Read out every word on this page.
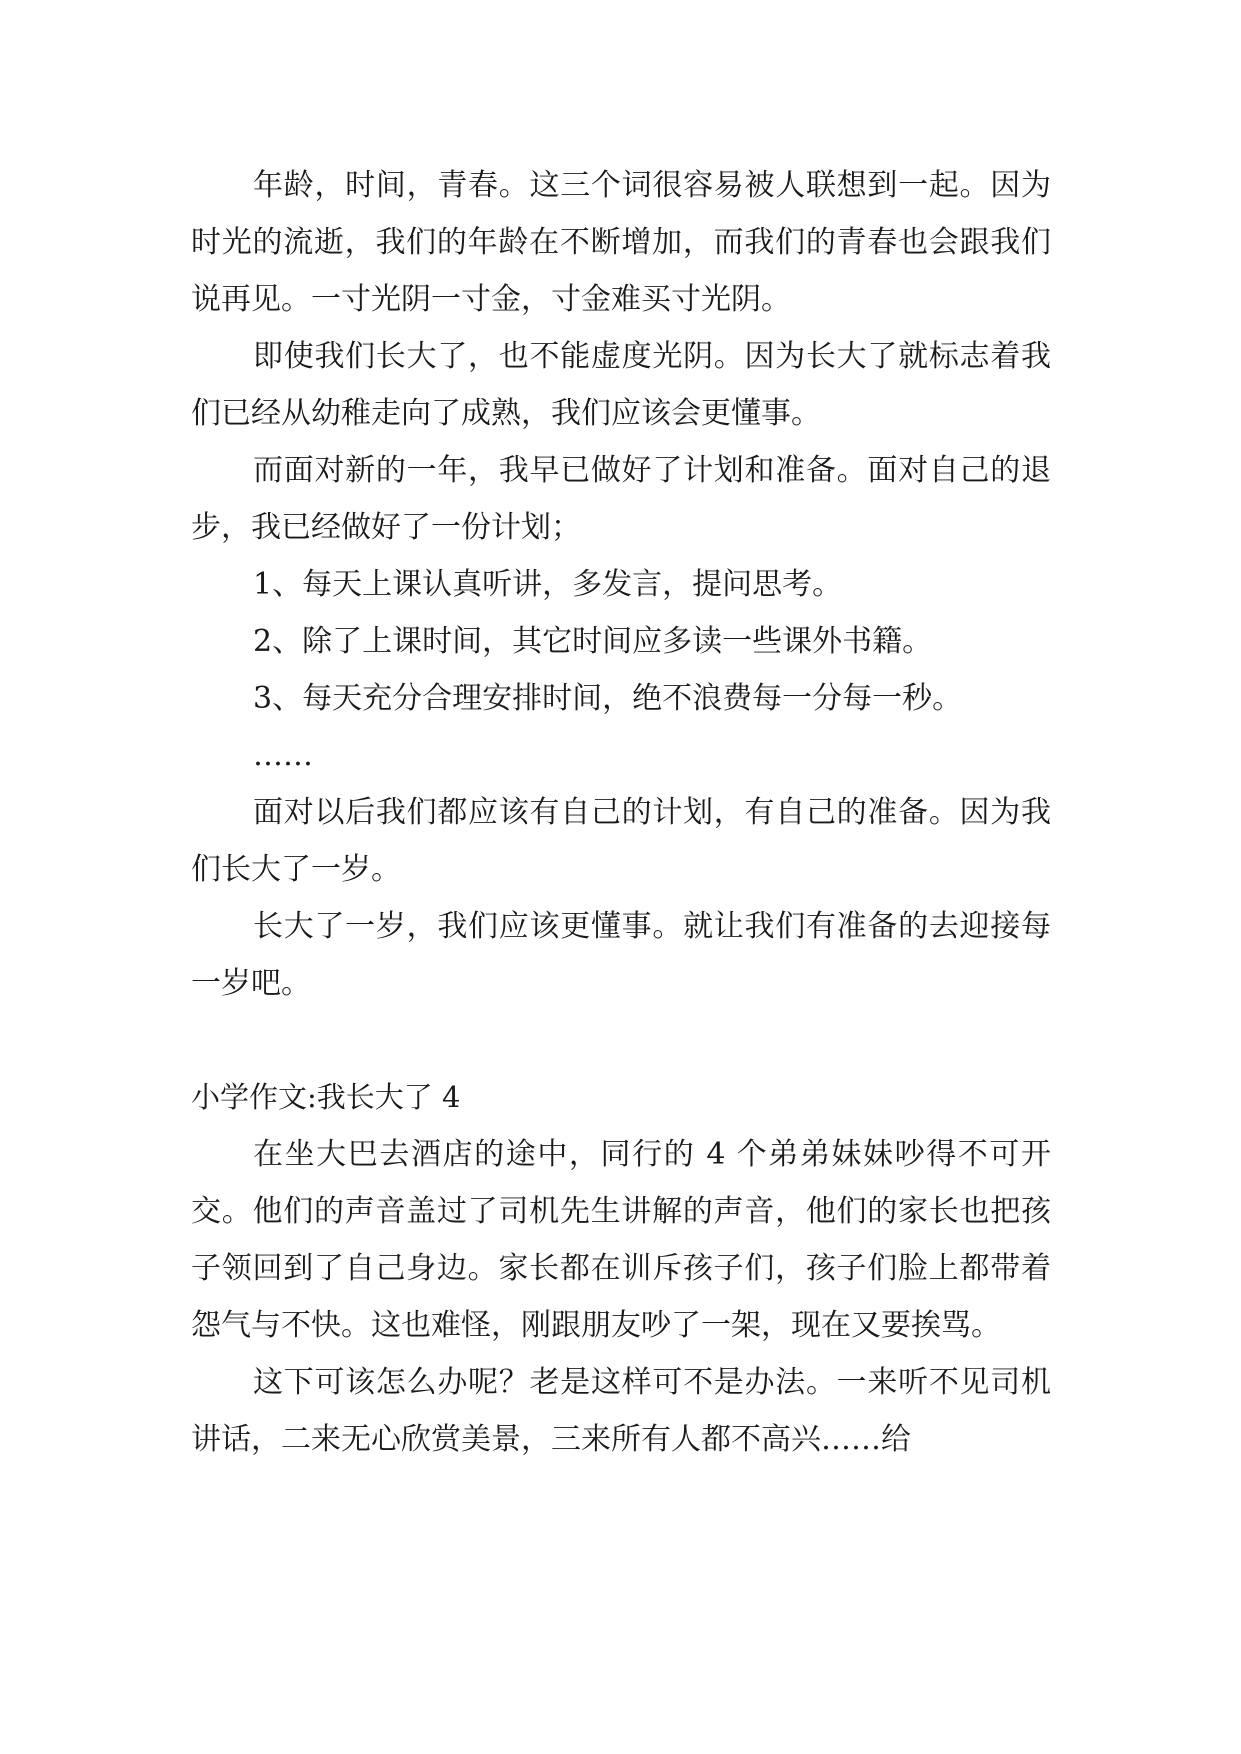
年龄，时间，青春。这三个词很容易被人联想到一起。因为时光的流逝，我们的年龄在不断增加，而我们的青春也会跟我们说再见。一寸光阴一寸金，寸金难买寸光阴。

即使我们长大了，也不能虚度光阴。因为长大了就标志着我们已经从幼稚走向了成熟，我们应该会更懂事。

而面对新的一年，我早已做好了计划和准备。面对自己的退步，我已经做好了一份计划；

1、每天上课认真听讲，多发言，提问思考。

2、除了上课时间，其它时间应多读一些课外书籍。

3、每天充分合理安排时间，绝不浪费每一分每一秒。

……

面对以后我们都应该有自己的计划，有自己的准备。因为我们长大了一岁。

长大了一岁，我们应该更懂事。就让我们有准备的去迎接每一岁吧。

小学作文:我长大了 4

在坐大巴去酒店的途中，同行的 4 个弟弟妹妹吵得不可开交。他们的声音盖过了司机先生讲解的声音，他们的家长也把孩子领回到了自己身边。家长都在训斥孩子们，孩子们脸上都带着怨气与不快。这也难怪，刚跟朋友吵了一架，现在又要挨骂。

这下可该怎么办呢？老是这样可不是办法。一来听不见司机讲话，二来无心欣赏美景，三来所有人都不高兴……给
